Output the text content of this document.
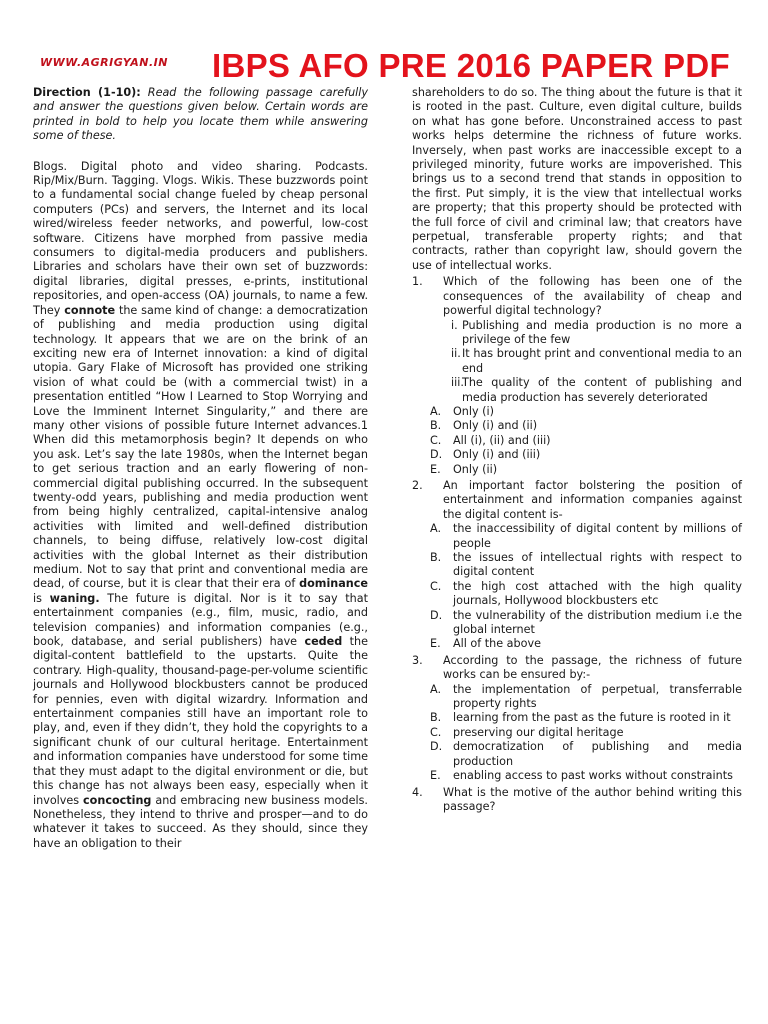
WWW.AGRIGYAN.IN IBPS AFO PRE 2016 PAPER PDF

Direction (1-10): Read the following passage carefully and answer the questions given below. Certain words are printed in bold to help you locate them while answering some of these.

Blogs. Digital photo and video sharing. Podcasts. Rip/Mix/Burn. Tagging. Vlogs. Wikis. These buzzwords point to a fundamental social change fueled by cheap personal computers (PCs) and servers, the Internet and its local wired/wireless feeder networks, and powerful, low-cost software. Citizens have morphed from passive media consumers to digital-media producers and publishers. Libraries and scholars have their own set of buzzwords: digital libraries, digital presses, e-prints, institutional repositories, and open-access (OA) journals, to name a few. They connote the same kind of change: a democratization of publishing and media production using digital technology. It appears that we are on the brink of an exciting new era of Internet innovation: a kind of digital utopia. Gary Flake of Microsoft has provided one striking vision of what could be (with a commercial twist) in a presentation entitled “How I Learned to Stop Worrying and Love the Imminent Internet Singularity,” and there are many other visions of possible future Internet advances.1 When did this metamorphosis begin? It depends on who you ask. Let’s say the late 1980s, when the Internet began to get serious traction and an early flowering of non-commercial digital publishing occurred. In the subsequent twenty-odd years, publishing and media production went from being highly centralized, capital-intensive analog activities with limited and well-defined distribution channels, to being diffuse, relatively low-cost digital activities with the global Internet as their distribution medium. Not to say that print and conventional media are dead, of course, but it is clear that their era of dominance is waning. The future is digital. Nor is it to say that entertainment companies (e.g., film, music, radio, and television companies) and information companies (e.g., book, database, and serial publishers) have ceded the digital-content battlefield to the upstarts. Quite the contrary. High-quality, thousand-page-per-volume scientific journals and Hollywood blockbusters cannot be produced for pennies, even with digital wizardry. Information and entertainment companies still have an important role to play, and, even if they didn’t, they hold the copyrights to a significant chunk of our cultural heritage. Entertainment and information companies have understood for some time that they must adapt to the digital environment or die, but this change has not always been easy, especially when it involves concocting and embracing new business models. Nonetheless, they intend to thrive and prosper—and to do whatever it takes to succeed. As they should, since they have an obligation to their

shareholders to do so. The thing about the future is that it is rooted in the past. Culture, even digital culture, builds on what has gone before. Unconstrained access to past works helps determine the richness of future works. Inversely, when past works are inaccessible except to a privileged minority, future works are impoverished. This brings us to a second trend that stands in opposition to the first. Put simply, it is the view that intellectual works are property; that this property should be protected with the full force of civil and criminal law; that creators have perpetual, transferable property rights; and that contracts, rather than copyright law, should govern the use of intellectual works.

1. Which of the following has been one of the consequences of the availability of cheap and powerful digital technology?
i. Publishing and media production is no more a privilege of the few
ii. It has brought print and conventional media to an end
iii.
The quality of the content of publishing and media production has severely deteriorated
A. Only (i)
B. Only (i) and (ii)
C. All (i), (ii) and (iii)
D. Only (i) and (iii)
E. Only (ii)
2. An important factor bolstering the position of entertainment and information companies against the digital content is-
A. the inaccessibility of digital content by millions of people
B. the issues of intellectual rights with respect to digital content
C. the high cost attached with the high quality journals, Hollywood blockbusters etc
D. the vulnerability of the distribution medium i.e the global internet
E. All of the above
3. According to the passage, the richness of future works can be ensured by:-
A. the implementation of perpetual, transferrable property rights
B. learning from the past as the future is rooted in it
C. preserving our digital heritage
D. democratization of publishing and media production
E. enabling access to past works without constraints
4. What is the motive of the author behind writing this passage?
